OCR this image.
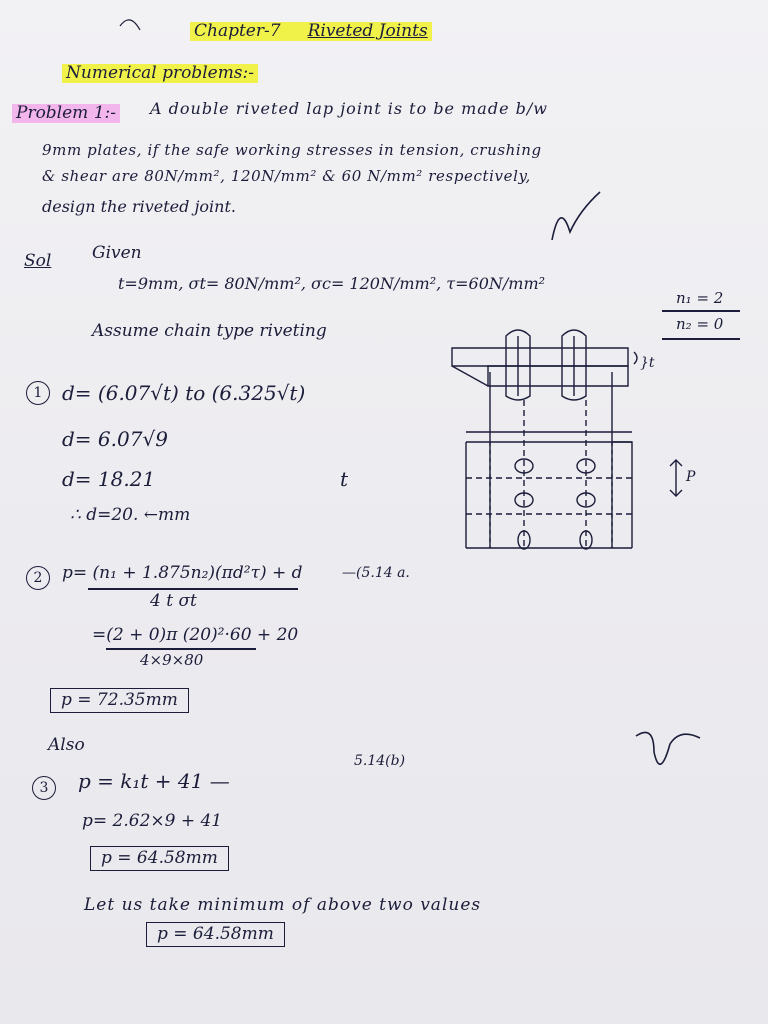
Chapter-7 Riveted Joints
Numerical problems:-
Problem 1:- A double riveted lap joint is to be made b/w
9mm plates, if the safe working stresses in tension, crushing
& shear are 80N/mm², 120N/mm² & 60 N/mm² respectively,
design the riveted joint.
Sol Given
t=9mm, σt= 80N/mm², σc= 120N/mm², τ=60N/mm²
n₁ = 2
n₂ = 0
Assume chain type riveting
1 d= (6.07√t) to (6.325√t)
d= 6.07√9
d= 18.21
∴ d=20. ←mm
t
2	p= (n₁ + 1.875n₂)(πd²τ) + d	—(5.14 a.
4 t σt
=(2 + 0)π (20)²·60 + 20
4×9×80
p = 72.35mm
Also
3	p = k₁t + 41 —
5.14(b)
p= 2.62×9 + 41
p = 64.58mm
Let us take minimum of above two values
p = 64.58mm
}t
P
